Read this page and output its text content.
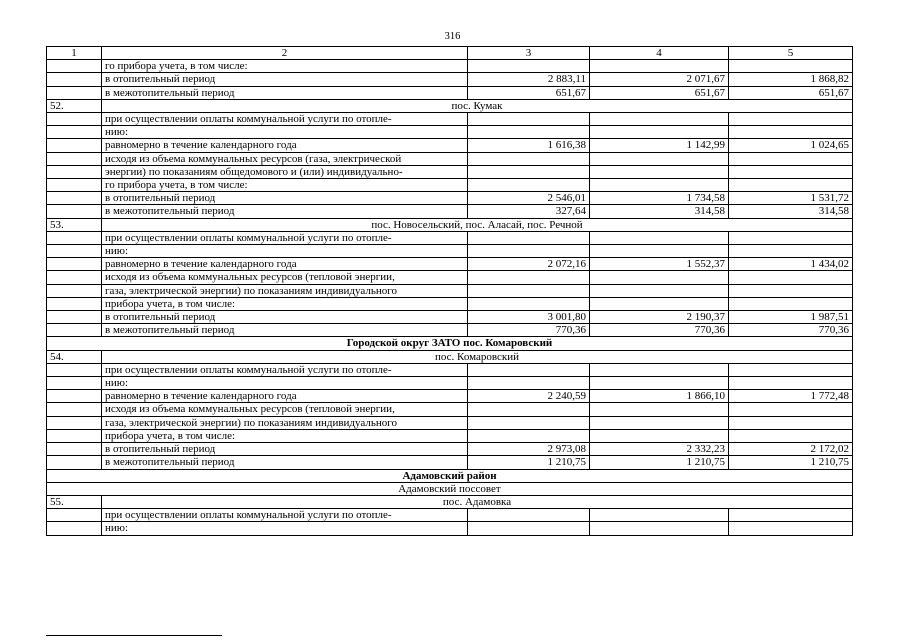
316
1	2	3	4	5
	го прибора учета, в том числе:			
	в отопительный период	2 883,11	2 071,67	1 868,82
	в межотопительный период	651,67	651,67	651,67
52.	пос. Кумак			
	при осуществлении оплаты коммунальной услуги по отопле-			
	нию:			
	равномерно в течение календарного года	1 616,38	1 142,99	1 024,65
	исходя из объема коммунальных ресурсов (газа, электрической			
	энергии) по показаниям общедомового и (или) индивидуально-			
	го прибора учета, в том числе:			
	в отопительный период	2 546,01	1 734,58	1 531,72
	в межотопительный период	327,64	314,58	314,58
53.	пос. Новосельский, пос. Аласай, пос. Речной			
	при осуществлении оплаты коммунальной услуги по отопле-			
	нию:			
	равномерно в течение календарного года	2 072,16	1 552,37	1 434,02
	исходя из объема коммунальных ресурсов (тепловой энергии,			
	газа, электрической энергии) по показаниям индивидуального			
	прибора учета, в том числе:			
	в отопительный период	3 001,80	2 190,37	1 987,51
	в межотопительный период	770,36	770,36	770,36
Городской округ ЗАТО пос. Комаровский				
54.	пос. Комаровский			
	при осуществлении оплаты коммунальной услуги по отопле-			
	нию:			
	равномерно в течение календарного года	2 240,59	1 866,10	1 772,48
	исходя из объема коммунальных ресурсов (тепловой энергии,			
	газа, электрической энергии) по показаниям индивидуального			
	прибора учета, в том числе:			
	в отопительный период	2 973,08	2 332,23	2 172,02
	в межотопительный период	1 210,75	1 210,75	1 210,75
Адамовский район				
Адамовский поссовет				
55.	пос. Адамовка			
	при осуществлении оплаты коммунальной услуги по отопле-			
	нию:			
